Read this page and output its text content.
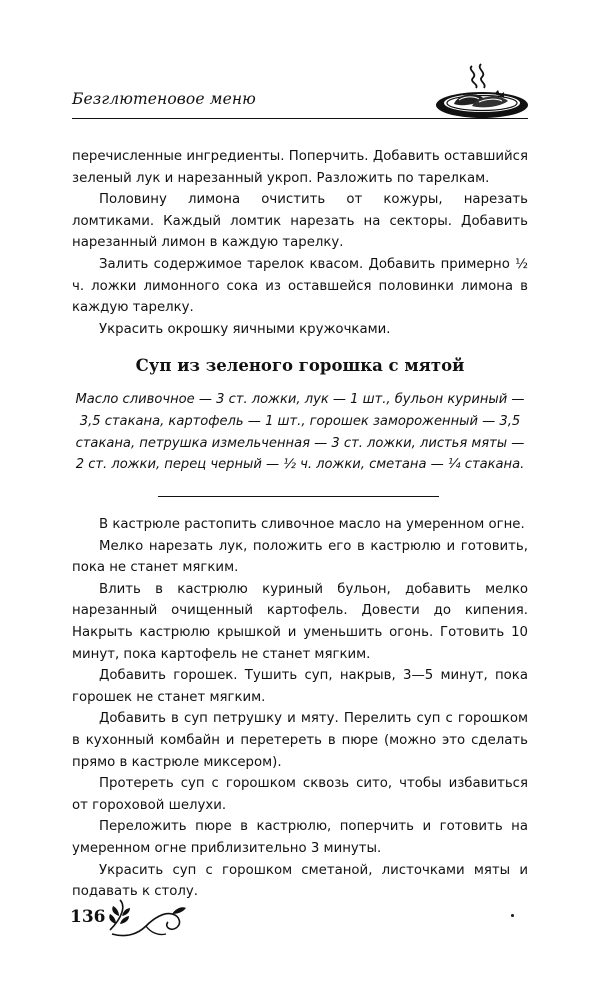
Безглютеновое меню

перечисленные ингредиенты. Поперчить. Добавить оставшийся зеленый лук и нарезанный укроп. Разложить по тарелкам.

Половину лимона очистить от кожуры, нарезать ломтиками. Каждый ломтик нарезать на секторы. Добавить нарезанный лимон в каждую тарелку.

Залить содержимое тарелок квасом. Добавить примерно ½ ч. ложки лимонного сока из оставшейся половинки лимона в каждую тарелку.

Украсить окрошку яичными кружочками.

Суп из зеленого горошка с мятой
Масло сливочное — 3 ст. ложки, лук — 1 шт., бульон куриный — 3,5 стакана, картофель — 1 шт., горошек замороженный — 3,5 стакана, петрушка измельченная — 3 ст. ложки, листья мяты — 2 ст. ложки, перец черный — ½ ч. ложки, сметана — ¼ стакана.

В кастрюле растопить сливочное масло на умеренном огне.

Мелко нарезать лук, положить его в кастрюлю и готовить, пока не станет мягким.

Влить в кастрюлю куриный бульон, добавить мелко нарезанный очищенный картофель. Довести до кипения. Накрыть кастрюлю крышкой и уменьшить огонь. Готовить 10 минут, пока картофель не станет мягким.

Добавить горошек. Тушить суп, накрыв, 3—5 минут, пока горошек не станет мягким.

Добавить в суп петрушку и мяту. Перелить суп с горошком в кухонный комбайн и перетереть в пюре (можно это сделать прямо в кастрюле миксером).

Протереть суп с горошком сквозь сито, чтобы избавиться от гороховой шелухи.

Переложить пюре в кастрюлю, поперчить и готовить на умеренном огне приблизительно 3 минуты.

Украсить суп с горошком сметаной, листочками мяты и подавать к столу.

136
